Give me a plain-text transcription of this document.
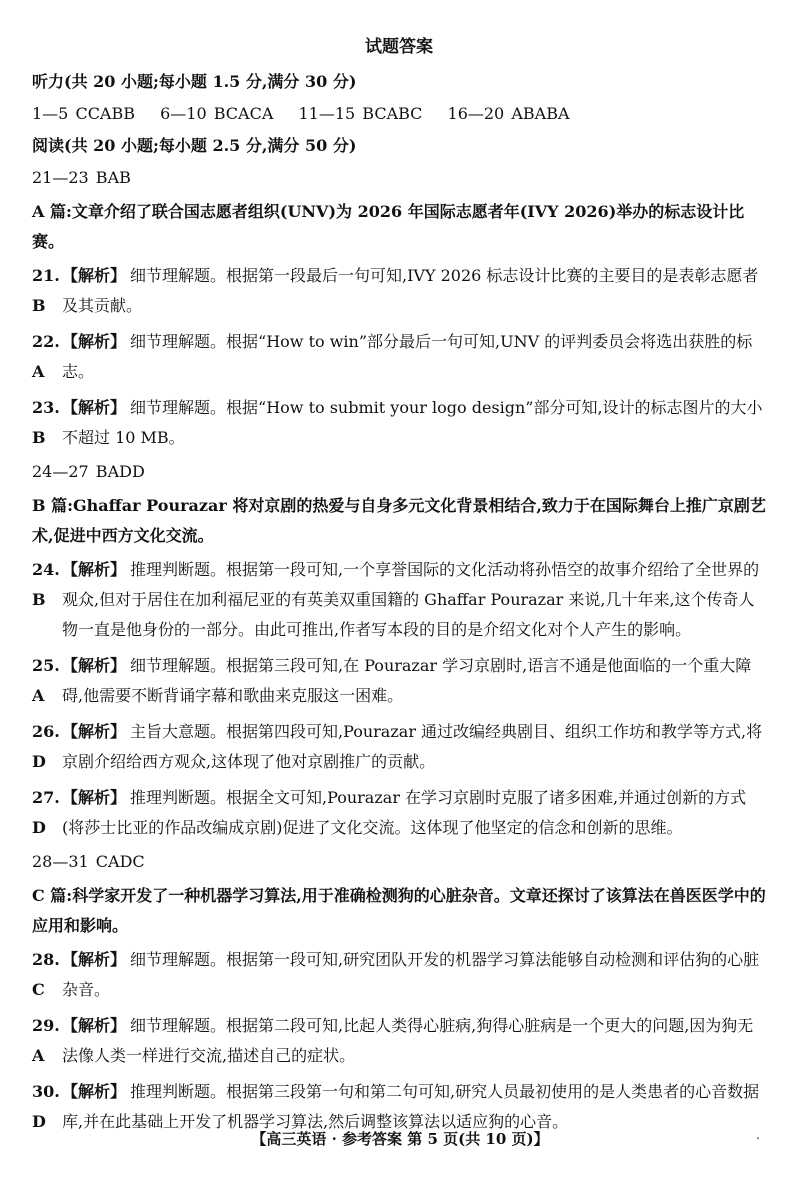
试题答案
听力(共 20 小题;每小题 1.5 分,满分 30 分)
1—5 CCABB 6—10 BCACA 11—15 BCABC 16—20 ABABA
阅读(共 20 小题;每小题 2.5 分,满分 50 分)
21—23 BAB
A 篇:文章介绍了联合国志愿者组织(UNV)为 2026 年国际志愿者年(IVY 2026)举办的标志设计比赛。
21. B
【解析】 细节理解题。根据第一段最后一句可知,IVY 2026 标志设计比赛的主要目的是表彰志愿者及其贡献。
22. A
【解析】 细节理解题。根据“How to win”部分最后一句可知,UNV 的评判委员会将选出获胜的标志。
23. B
【解析】 细节理解题。根据“How to submit your logo design”部分可知,设计的标志图片的大小不超过 10 MB。
24—27 BADD
B 篇:Ghaffar Pourazar 将对京剧的热爱与自身多元文化背景相结合,致力于在国际舞台上推广京剧艺术,促进中西方文化交流。
24. B
【解析】 推理判断题。根据第一段可知,一个享誉国际的文化活动将孙悟空的故事介绍给了全世界的观众,但对于居住在加利福尼亚的有英美双重国籍的 Ghaffar Pourazar 来说,几十年来,这个传奇人物一直是他身份的一部分。由此可推出,作者写本段的目的是介绍文化对个人产生的影响。
25. A
【解析】 细节理解题。根据第三段可知,在 Pourazar 学习京剧时,语言不通是他面临的一个重大障碍,他需要不断背诵字幕和歌曲来克服这一困难。
26. D
【解析】 主旨大意题。根据第四段可知,Pourazar 通过改编经典剧目、组织工作坊和教学等方式,将京剧介绍给西方观众,这体现了他对京剧推广的贡献。
27. D
【解析】 推理判断题。根据全文可知,Pourazar 在学习京剧时克服了诸多困难,并通过创新的方式(将莎士比亚的作品改编成京剧)促进了文化交流。这体现了他坚定的信念和创新的思维。
28—31 CADC
C 篇:科学家开发了一种机器学习算法,用于准确检测狗的心脏杂音。文章还探讨了该算法在兽医医学中的应用和影响。
28. C
【解析】 细节理解题。根据第一段可知,研究团队开发的机器学习算法能够自动检测和评估狗的心脏杂音。
29. A
【解析】 细节理解题。根据第二段可知,比起人类得心脏病,狗得心脏病是一个更大的问题,因为狗无法像人类一样进行交流,描述自己的症状。
30. D
【解析】 推理判断题。根据第三段第一句和第二句可知,研究人员最初使用的是人类患者的心音数据库,并在此基础上开发了机器学习算法,然后调整该算法以适应狗的心音。
【高三英语 · 参考答案 第 5 页(共 10 页)】	.
